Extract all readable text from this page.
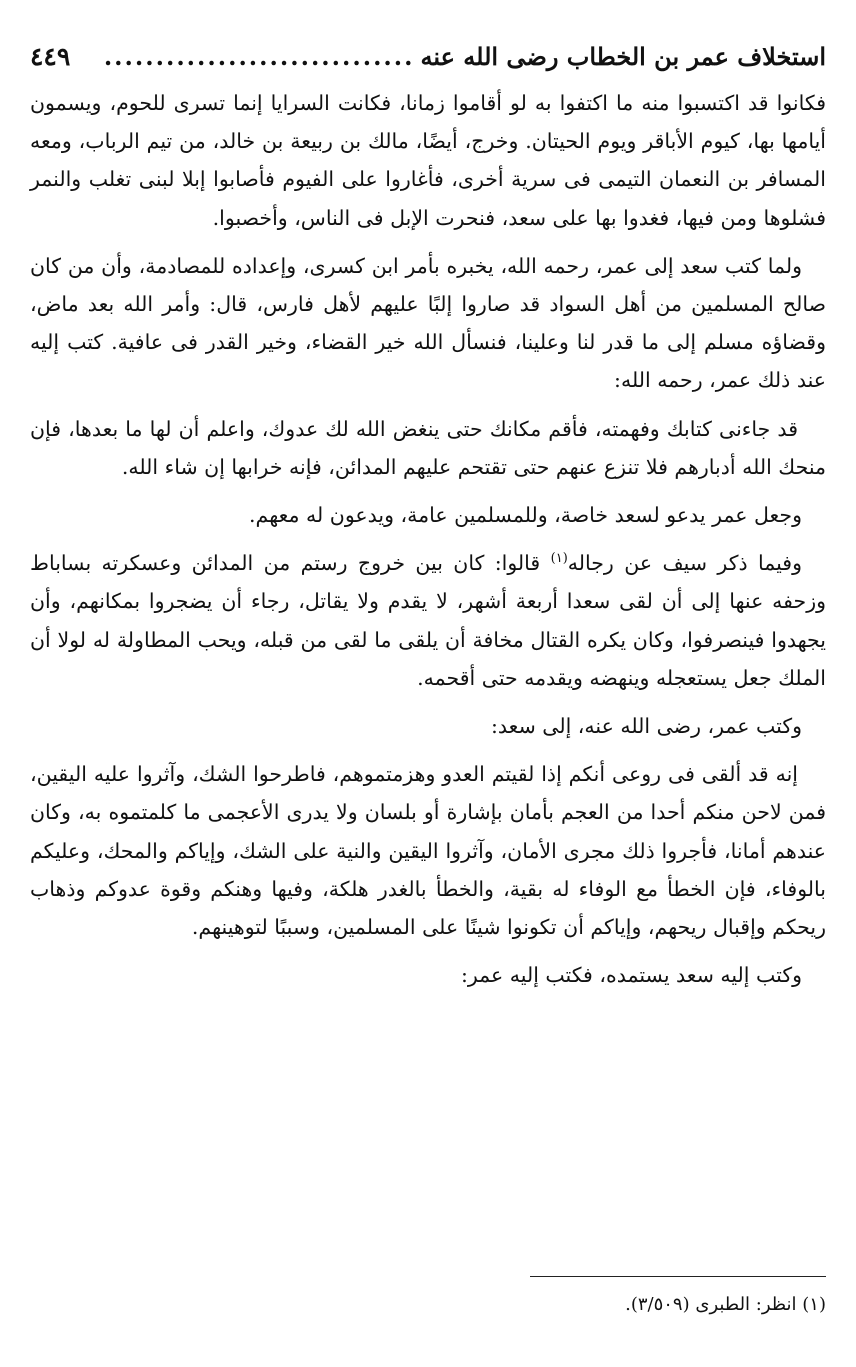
استخلاف عمر بن الخطاب رضى الله عنه
..............................
٤٤٩

فكانوا قد اكتسبوا منه ما اكتفوا به لو أقاموا زمانا، فكانت السرايا إنما تسرى للحوم، ويسمون أيامها بها، كيوم الأباقر ويوم الحيتان. وخرج، أيضًا، مالك بن ربيعة بن خالد، من تيم الرباب، ومعه المسافر بن النعمان التيمى فى سرية أخرى، فأغاروا على الفيوم فأصابوا إبلا لبنى تغلب والنمر فشلوها ومن فيها، فغدوا بها على سعد، فنحرت الإبل فى الناس، وأخصبوا.

ولما كتب سعد إلى عمر، رحمه الله، يخبره بأمر ابن كسرى، وإعداده للمصادمة، وأن من كان صالح المسلمين من أهل السواد قد صاروا إلبًا عليهم لأهل فارس، قال: وأمر الله بعد ماض، وقضاؤه مسلم إلى ما قدر لنا وعلينا، فنسأل الله خير القضاء، وخير القدر فى عافية. كتب إليه عند ذلك عمر، رحمه الله:

قد جاءنى كتابك وفهمته، فأقم مكانك حتى ينغض الله لك عدوك، واعلم أن لها ما بعدها، فإن منحك الله أدبارهم فلا تنزع عنهم حتى تقتحم عليهم المدائن، فإنه خرابها إن شاء الله.

وجعل عمر يدعو لسعد خاصة، وللمسلمين عامة، ويدعون له معهم.

وفيما ذكر سيف عن رجاله$^{(١)}$ قالوا: كان بين خروج رستم من المدائن وعسكرته بساباط وزحفه عنها إلى أن لقى سعدا أربعة أشهر، لا يقدم ولا يقاتل، رجاء أن يضجروا بمكانهم، وأن يجهدوا فينصرفوا، وكان يكره القتال مخافة أن يلقى ما لقى من قبله، ويحب المطاولة له لولا أن الملك جعل يستعجله وينهضه ويقدمه حتى أقحمه.

وكتب عمر، رضى الله عنه، إلى سعد:

إنه قد ألقى فى روعى أنكم إذا لقيتم العدو وهزمتموهم، فاطرحوا الشك، وآثروا عليه اليقين، فمن لاحن منكم أحدا من العجم بأمان بإشارة أو بلسان ولا يدرى الأعجمى ما كلمتموه به، وكان عندهم أمانا، فأجروا ذلك مجرى الأمان، وآثروا اليقين والنية على الشك، وإياكم والمحك، وعليكم بالوفاء، فإن الخطأ مع الوفاء له بقية، والخطأ بالغدر هلكة، وفيها وهنكم وقوة عدوكم وذهاب ريحكم وإقبال ريحهم، وإياكم أن تكونوا شينًا على المسلمين، وسببًا لتوهينهم.

وكتب إليه سعد يستمده، فكتب إليه عمر:

(١) انظر: الطبرى (٣/٥٠٩).
